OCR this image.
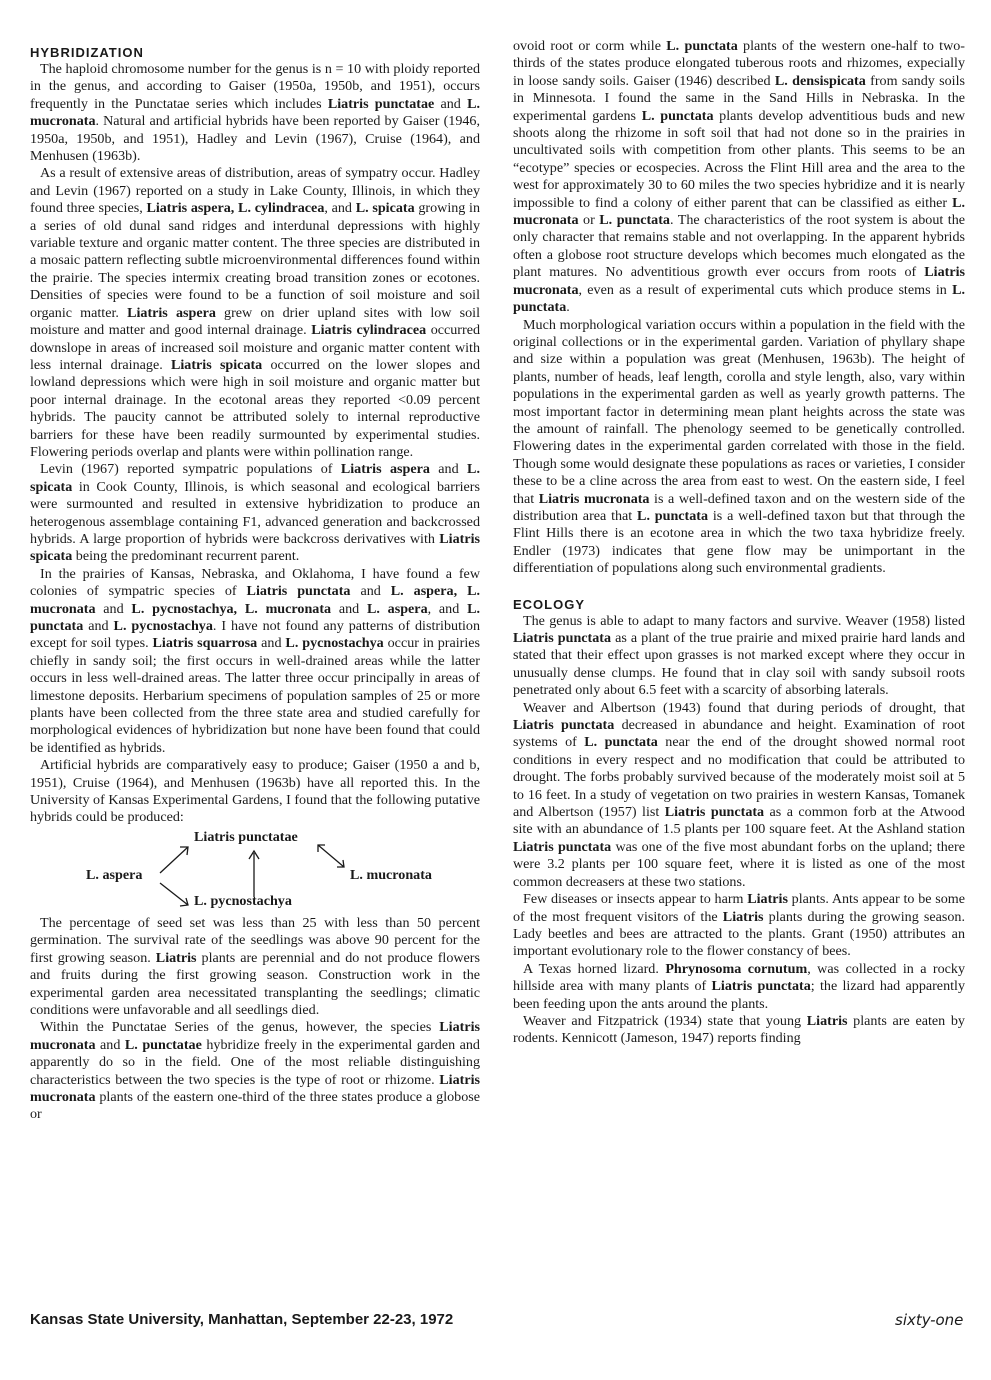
HYBRIDIZATION

The haploid chromosome number for the genus is n = 10 with ploidy reported in the genus, and according to Gaiser (1950a, 1950b, and 1951), occurs frequently in the Punctatae series which includes Liatris punctatae and L. mucronata. Natural and artificial hybrids have been reported by Gaiser (1946, 1950a, 1950b, and 1951), Hadley and Levin (1967), Cruise (1964), and Menhusen (1963b).

As a result of extensive areas of distribution, areas of sympatry occur. Hadley and Levin (1967) reported on a study in Lake County, Illinois, in which they found three species, Liatris aspera, L. cylindracea, and L. spicata growing in a series of old dunal sand ridges and interdunal depressions with highly variable texture and organic matter content. The three species are distributed in a mosaic pattern reflecting subtle microenvironmental differences found within the prairie. The species intermix creating broad transition zones or ecotones. Densities of species were found to be a function of soil moisture and soil organic matter. Liatris aspera grew on drier upland sites with low soil moisture and matter and good internal drainage. Liatris cylindracea occurred downslope in areas of increased soil moisture and organic matter content with less internal drainage. Liatris spicata occurred on the lower slopes and lowland depressions which were high in soil moisture and organic matter but poor internal drainage. In the ecotonal areas they reported <0.09 percent hybrids. The paucity cannot be attributed solely to internal reproductive barriers for these have been readily surmounted by experimental studies. Flowering periods overlap and plants were within pollination range.

Levin (1967) reported sympatric populations of Liatris aspera and L. spicata in Cook County, Illinois, is which seasonal and ecological barriers were surmounted and resulted in extensive hybridization to produce an heterogenous assemblage containing F1, advanced generation and backcrossed hybrids. A large proportion of hybrids were backcross derivatives with Liatris spicata being the predominant recurrent parent.

In the prairies of Kansas, Nebraska, and Oklahoma, I have found a few colonies of sympatric species of Liatris punctata and L. aspera, L. mucronata and L. pycnostachya, L. mucronata and L. aspera, and L. punctata and L. pycnostachya. I have not found any patterns of distribution except for soil types. Liatris squarrosa and L. pycnostachya occur in prairies chiefly in sandy soil; the first occurs in well-drained areas while the latter occurs in less well-drained areas. The latter three occur principally in areas of limestone deposits. Herbarium specimens of population samples of 25 or more plants have been collected from the three state area and studied carefully for morphological evidences of hybridization but none have been found that could be identified as hybrids.

Artificial hybrids are comparatively easy to produce; Gaiser (1950 a and b, 1951), Cruise (1964), and Menhusen (1963b) have all reported this. In the University of Kansas Experimental Gardens, I found that the following putative hybrids could be produced:

Liatris punctatae
L. aspera	L. mucronata
L. pycnostachya

The percentage of seed set was less than 25 with less than 50 percent germination. The survival rate of the seedlings was above 90 percent for the first growing season. Liatris plants are perennial and do not produce flowers and fruits during the first growing season. Construction work in the experimental garden area necessitated transplanting the seedlings; climatic conditions were unfavorable and all seedlings died.

Within the Punctatae Series of the genus, however, the species Liatris mucronata and L. punctatae hybridize freely in the experimental garden and apparently do so in the field. One of the most reliable distinguishing characteristics between the two species is the type of root or rhizome. Liatris mucronata plants of the eastern one-third of the three states produce a globose or

ovoid root or corm while L. punctata plants of the western one-half to two-thirds of the states produce elongated tuberous roots and rhizomes, expecially in loose sandy soils. Gaiser (1946) described L. densispicata from sandy soils in Minnesota. I found the same in the Sand Hills in Nebraska. In the experimental gardens L. punctata plants develop adventitious buds and new shoots along the rhizome in soft soil that had not done so in the prairies in uncultivated soils with competition from other plants. This seems to be an “ecotype” species or ecospecies. Across the Flint Hill area and the area to the west for approximately 30 to 60 miles the two species hybridize and it is nearly impossible to find a colony of either parent that can be classified as either L. mucronata or L. punctata. The characteristics of the root system is about the only character that remains stable and not overlapping. In the apparent hybrids often a globose root structure develops which becomes much elongated as the plant matures. No adventitious growth ever occurs from roots of Liatris mucronata, even as a result of experimental cuts which produce stems in L. punctata.

Much morphological variation occurs within a population in the field with the original collections or in the experimental garden. Variation of phyllary shape and size within a population was great (Menhusen, 1963b). The height of plants, number of heads, leaf length, corolla and style length, also, vary within populations in the experimental garden as well as yearly growth patterns. The most important factor in determining mean plant heights across the state was the amount of rainfall. The phenology seemed to be genetically controlled. Flowering dates in the experimental garden correlated with those in the field. Though some would designate these populations as races or varieties, I consider these to be a cline across the area from east to west. On the eastern side, I feel that Liatris mucronata is a well-defined taxon and on the western side of the distribution area that L. punctata is a well-defined taxon but that through the Flint Hills there is an ecotone area in which the two taxa hybridize freely. Endler (1973) indicates that gene flow may be unimportant in the differentiation of populations along such environmental gradients.

ECOLOGY

The genus is able to adapt to many factors and survive. Weaver (1958) listed Liatris punctata as a plant of the true prairie and mixed prairie hard lands and stated that their effect upon grasses is not marked except where they occur in unusually dense clumps. He found that in clay soil with sandy subsoil roots penetrated only about 6.5 feet with a scarcity of absorbing laterals.

Weaver and Albertson (1943) found that during periods of drought, that Liatris punctata decreased in abundance and height. Examination of root systems of L. punctata near the end of the drought showed normal root conditions in every respect and no modification that could be attributed to drought. The forbs probably survived because of the moderately moist soil at 5 to 16 feet. In a study of vegetation on two prairies in western Kansas, Tomanek and Albertson (1957) list Liatris punctata as a common forb at the Atwood site with an abundance of 1.5 plants per 100 square feet. At the Ashland station Liatris punctata was one of the five most abundant forbs on the upland; there were 3.2 plants per 100 square feet, where it is listed as one of the most common decreasers at these two stations.

Few diseases or insects appear to harm Liatris plants. Ants appear to be some of the most frequent visitors of the Liatris plants during the growing season. Lady beetles and bees are attracted to the plants. Grant (1950) attributes an important evolutionary role to the flower constancy of bees.

A Texas horned lizard. Phrynosoma cornutum, was collected in a rocky hillside area with many plants of Liatris punctata; the lizard had apparently been feeding upon the ants around the plants.

Weaver and Fitzpatrick (1934) state that young Liatris plants are eaten by rodents. Kennicott (Jameson, 1947) reports finding

Kansas State University, Manhattan, September 22-23, 1972	sixty-one
